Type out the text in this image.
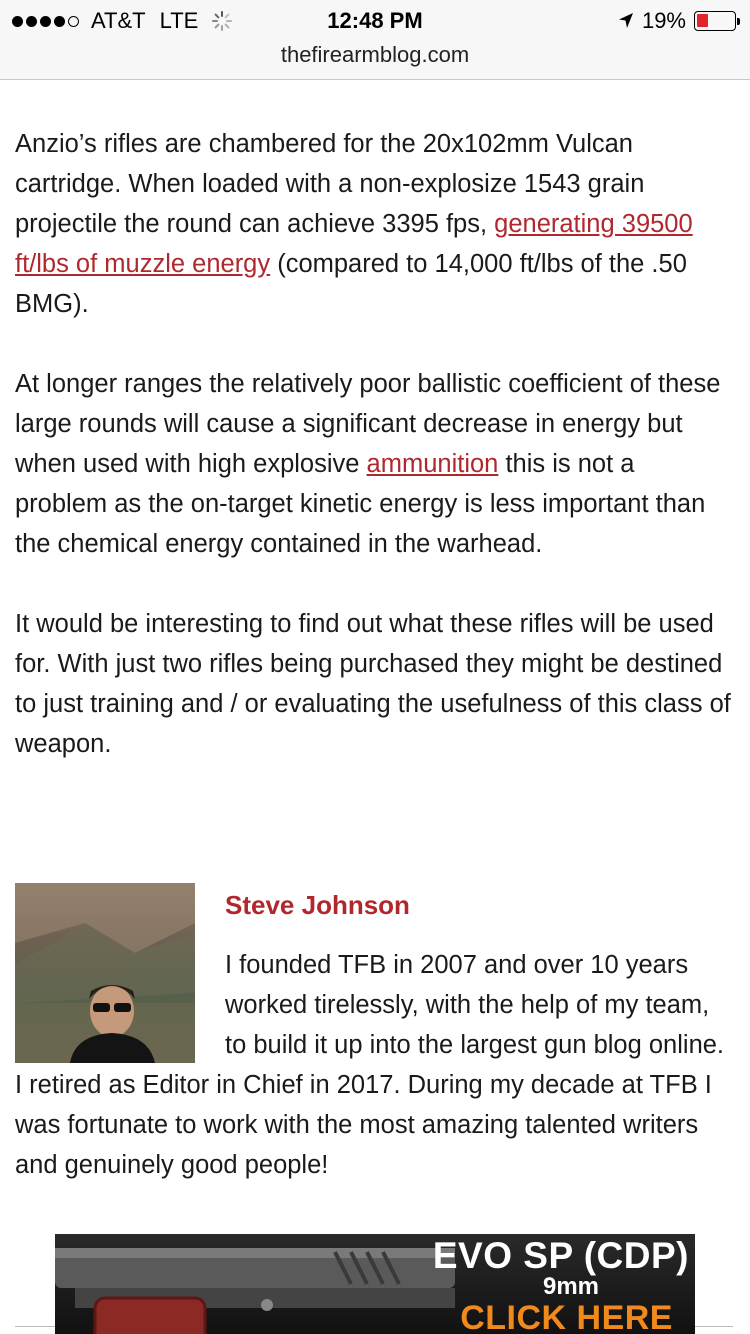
AT&T LTE	12:48 PM	19%
thefirearmblog.com

Anzio’s rifles are chambered for the 20x102mm Vulcan cartridge. When loaded with a non-explosize 1543 grain projectile the round can achieve 3395 fps, generating 39500 ft/lbs of muzzle energy (compared to 14,000 ft/lbs of the .50 BMG).

At longer ranges the relatively poor ballistic coefficient of these large rounds will cause a significant decrease in energy but when used with high explosive ammunition this is not a problem as the on-target kinetic energy is less important than the chemical energy contained in the warhead.

It would be interesting to find out what these rifles will be used for. With just two rifles being purchased they might be destined to just training and / or evaluating the usefulness of this class of weapon.

Steve Johnson

I founded TFB in 2007 and over 10 years worked tirelessly, with the help of my team, to build it up into the largest gun blog online. I retired as Editor in Chief in 2017. During my decade at TFB I was fortunate to work with the most amazing talented writers and genuinely good people!

EVO SP (CDP)
9mm
CLICK HERE
